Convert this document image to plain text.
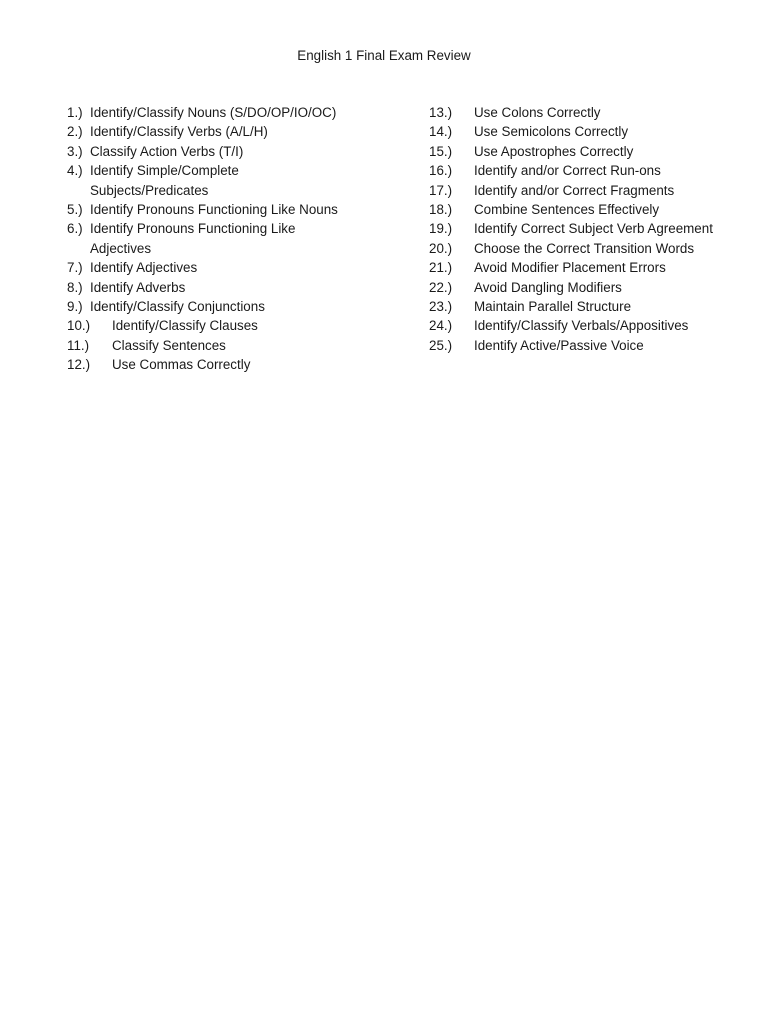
English 1 Final Exam Review
1.) Identify/Classify Nouns (S/DO/OP/IO/OC)
2.) Identify/Classify Verbs (A/L/H)
3.) Classify Action Verbs (T/I)
4.) Identify Simple/Complete Subjects/Predicates
5.) Identify Pronouns Functioning Like Nouns
6.) Identify Pronouns Functioning Like Adjectives
7.) Identify Adjectives
8.) Identify Adverbs
9.) Identify/Classify Conjunctions
10.)	Identify/Classify Clauses
11.)	Classify Sentences
12.)	Use Commas Correctly
13.)	Use Colons Correctly
14.)	Use Semicolons Correctly
15.)	Use Apostrophes Correctly
16.)	Identify and/or Correct Run-ons
17.)	Identify and/or Correct Fragments
18.)	Combine Sentences Effectively
19.)	Identify Correct Subject Verb Agreement
20.)	Choose the Correct Transition Words
21.)	Avoid Modifier Placement Errors
22.)	Avoid Dangling Modifiers
23.)	Maintain Parallel Structure
24.)	Identify/Classify Verbals/Appositives
25.)	Identify Active/Passive Voice
